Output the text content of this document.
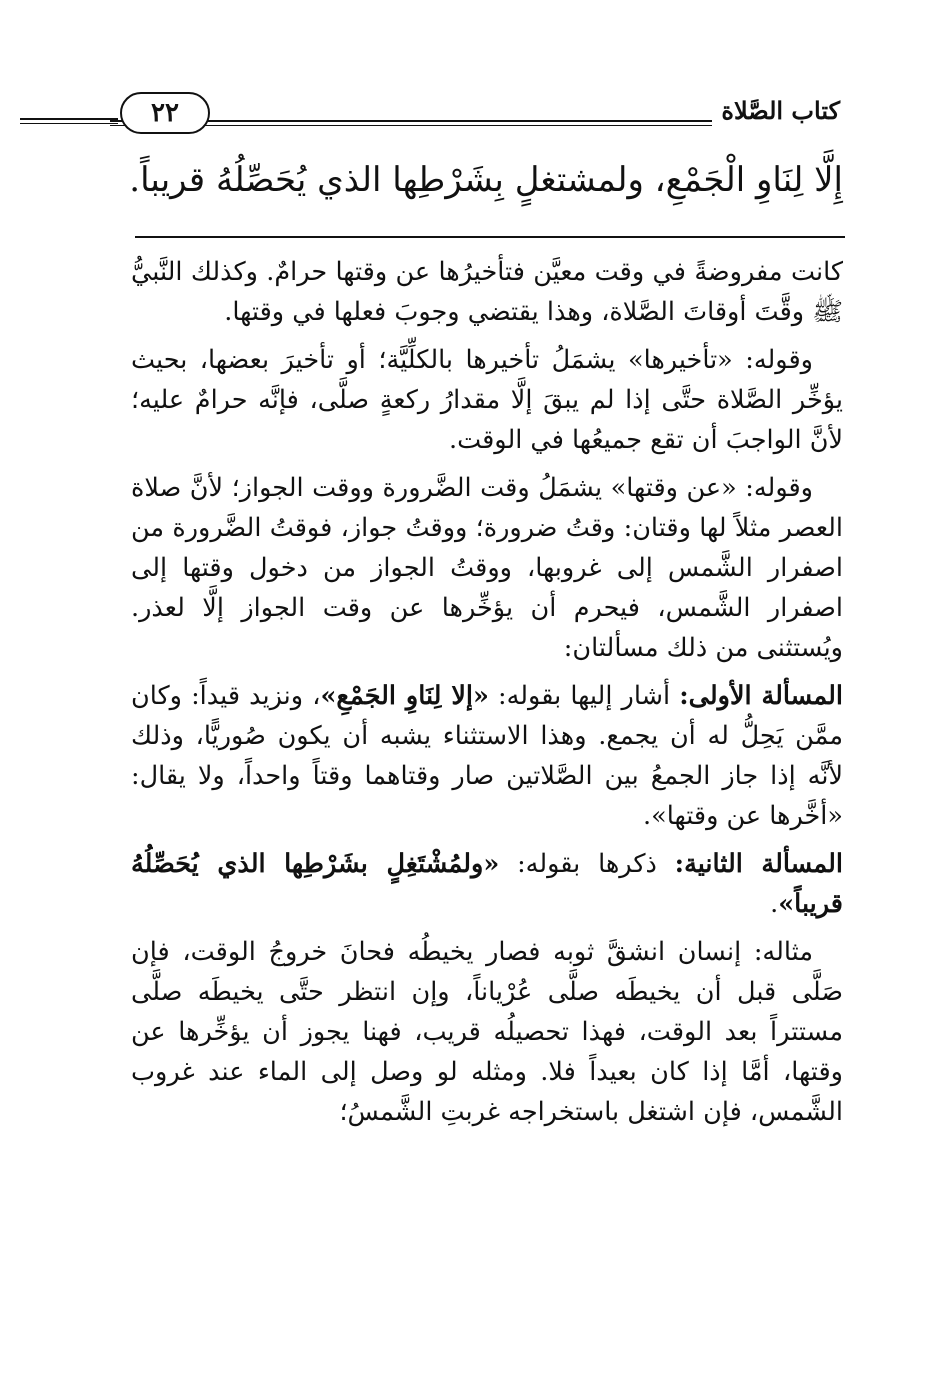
كتاب الصَّلاة
٢٢
إِلَّا لِنَاوِ الْجَمْعِ، ولمشتغلٍ بِشَرْطِها الذي يُحَصِّلُهُ قريباً.

كانت مفروضةً في وقت معيَّن فتأخيرُها عن وقتها حرامٌ. وكذلك النَّبيُّ ﷺ وقَّتَ أوقاتَ الصَّلاة، وهذا يقتضي وجوبَ فعلها في وقتها.

وقوله: «تأخيرها» يشمَلُ تأخيرها بالكلِّيَّة؛ أو تأخيرَ بعضها، بحيث يؤخِّر الصَّلاة حتَّى إذا لم يبقَ إلَّا مقدارُ ركعةٍ صلَّى، فإنَّه حرامٌ عليه؛ لأنَّ الواجبَ أن تقع جميعُها في الوقت.

وقوله: «عن وقتها» يشمَلُ وقت الضَّرورة ووقت الجواز؛ لأنَّ صلاة العصر مثلاً لها وقتان: وقتُ ضرورة؛ ووقتُ جواز، فوقتُ الضَّرورة من اصفرار الشَّمس إلى غروبها، ووقتُ الجواز من دخول وقتها إلى اصفرار الشَّمس، فيحرم أن يؤخِّرها عن وقت الجواز إلَّا لعذر. ويُستثنى من ذلك مسألتان:

المسألة الأولى: أشار إليها بقوله: «إلا لِنَاوِ الجَمْعِ»، ونزيد قيداً: وكان ممَّن يَحِلُّ له أن يجمع. وهذا الاستثناء يشبه أن يكون صُوريًّا، وذلك لأنَّه إذا جاز الجمعُ بين الصَّلاتين صار وقتاهما وقتاً واحداً، ولا يقال: «أخَّرها عن وقتها».

المسألة الثانية: ذكرها بقوله: «ولمُشْتَغِلٍ بشَرْطِها الذي يُحَصِّلُهُ قريباً».

مثاله: إنسان انشقَّ ثوبه فصار يخيطُه فحانَ خروجُ الوقت، فإن صَلَّى قبل أن يخيطَه صلَّى عُرْياناً، وإن انتظر حتَّى يخيطَه صلَّى مستتراً بعد الوقت، فهذا تحصيلُه قريب، فهنا يجوز أن يؤخِّرها عن وقتها، أمَّا إذا كان بعيداً فلا. ومثله لو وصل إلى الماء عند غروب الشَّمس، فإن اشتغل باستخراجه غربتِ الشَّمسُ؛
